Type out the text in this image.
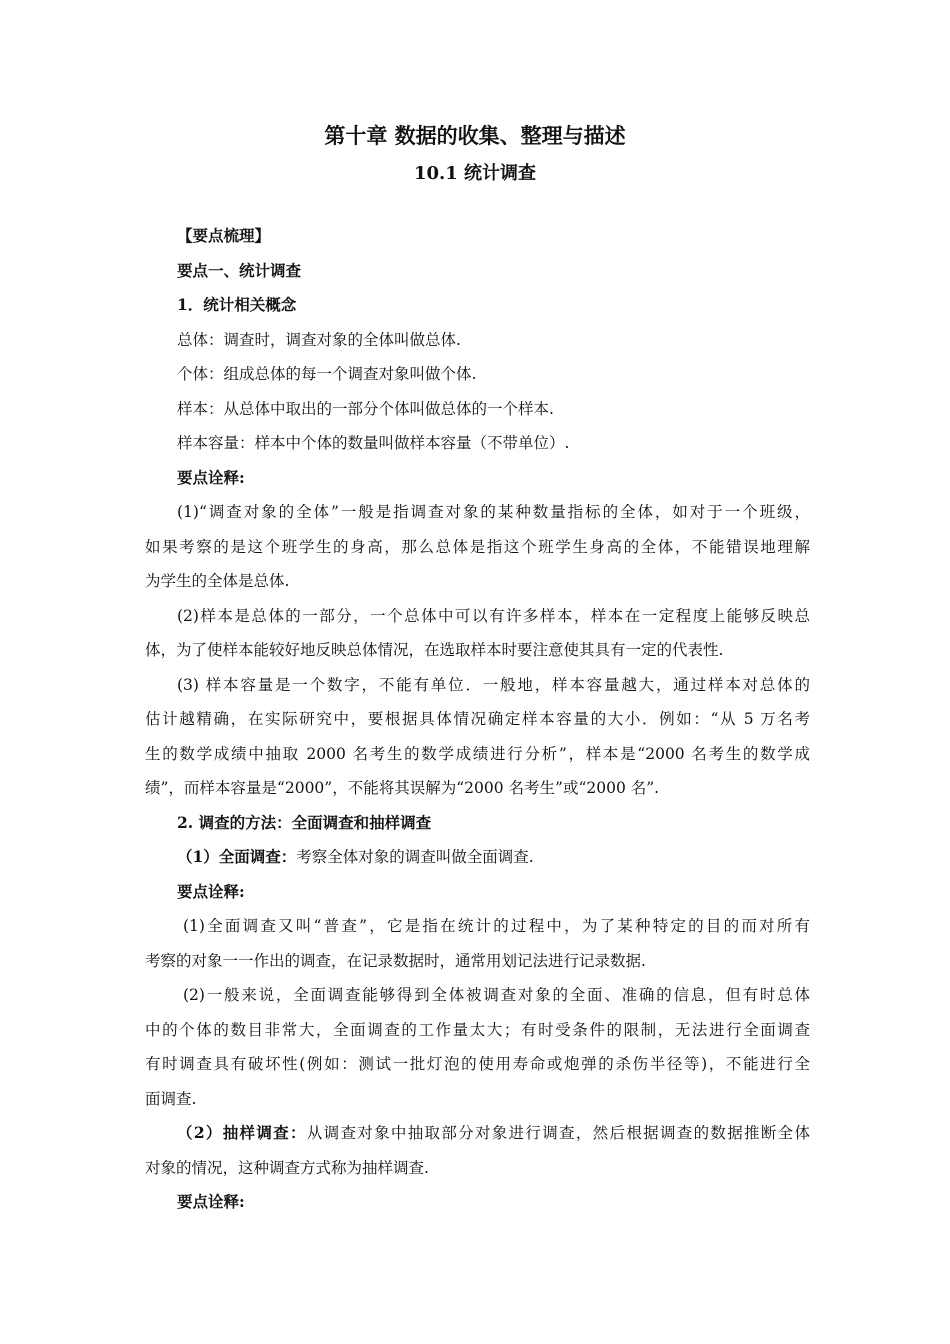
第十章 数据的收集、整理与描述
10.1 统计调查
【要点梳理】
要点一、统计调查
1．统计相关概念
总体：调查时，调查对象的全体叫做总体.
个体：组成总体的每一个调查对象叫做个体.
样本：从总体中取出的一部分个体叫做总体的一个样本.
样本容量：样本中个体的数量叫做样本容量（不带单位）.
要点诠释:
(1)“调查对象的全体”一般是指调查对象的某种数量指标的全体，如对于一个班级，
如果考察的是这个班学生的身高，那么总体是指这个班学生身高的全体，不能错误地理解
为学生的全体是总体.
(2)样本是总体的一部分，一个总体中可以有许多样本，样本在一定程度上能够反映总
体，为了使样本能较好地反映总体情况，在选取样本时要注意使其具有一定的代表性.
(3) 样本容量是一个数字，不能有单位．一般地，样本容量越大，通过样本对总体的
估计越精确，在实际研究中，要根据具体情况确定样本容量的大小．例如：“从 5 万名考
生的数学成绩中抽取 2000 名考生的数学成绩进行分析”，样本是“2000 名考生的数学成
绩”，而样本容量是“2000”，不能将其误解为“2000 名考生”或“2000 名”.
2. 调查的方法：全面调查和抽样调查
（1）全面调查：考察全体对象的调查叫做全面调查.
要点诠释:
(1)全面调查又叫“普查”，它是指在统计的过程中，为了某种特定的目的而对所有
考察的对象一一作出的调查，在记录数据时，通常用划记法进行记录数据.
(2)一般来说，全面调查能够得到全体被调查对象的全面、准确的信息，但有时总体
中的个体的数目非常大，全面调查的工作量太大；有时受条件的限制，无法进行全面调查
有时调查具有破坏性(例如：测试一批灯泡的使用寿命或炮弹的杀伤半径等)，不能进行全
面调查.
（2）抽样调查：从调查对象中抽取部分对象进行调查，然后根据调查的数据推断全体
对象的情况，这种调查方式称为抽样调查.
要点诠释:
